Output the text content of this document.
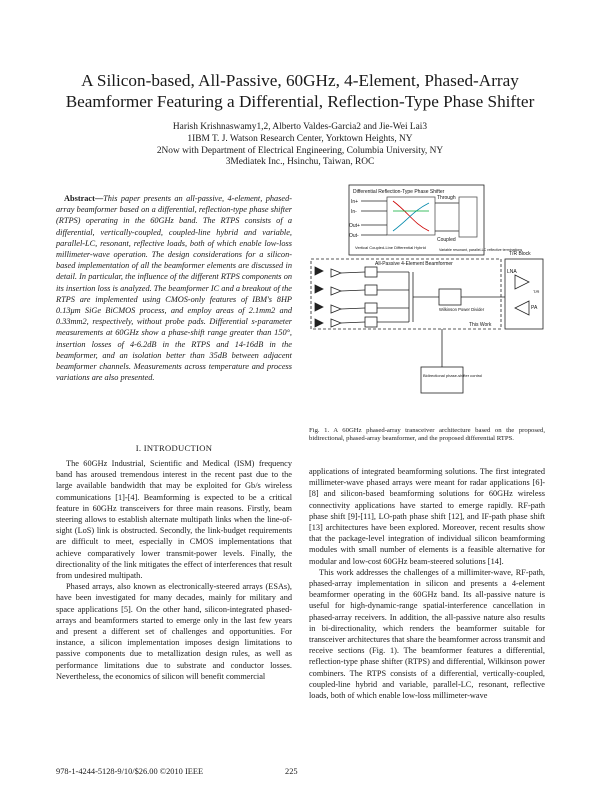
A Silicon-based, All-Passive, 60GHz, 4-Element, Phased-Array
Beamformer Featuring a Differential, Reflection-Type Phase Shifter
Harish Krishnaswamy1,2, Alberto Valdes-Garcia2 and Jie-Wei Lai3
1IBM T. J. Watson Research Center, Yorktown Heights, NY
2Now with Department of Electrical Engineering, Columbia University, NY
3Mediatek Inc., Hsinchu, Taiwan, ROC

Abstract—This paper presents an all-passive, 4-element, phased-array beamformer based on a differential, reflection-type phase shifter (RTPS) operating in the 60GHz band. The RTPS consists of a differential, vertically-coupled, coupled-line hybrid and variable, parallel-LC, resonant, reflective loads, both of which enable low-loss millimeter-wave operation. The design considerations for a silicon-based implementation of all the beamformer elements are discussed in detail. In particular, the influence of the different RTPS components on its insertion loss is analyzed. The beamformer IC and a breakout of the RTPS are implemented using CMOS-only features of IBM's 8HP 0.13μm SiGe BiCMOS process, and employ areas of 2.1mm2 and 0.33mm2, respectively, without probe pads. Differential s-parameter measurements at 60GHz show a phase-shift range greater than 150°, insertion losses of 4-6.2dB in the RTPS and 14-16dB in the beamformer, and an isolation better than 35dB between adjacent beamformer channels. Measurements across temperature and process variations are also presented.

I. INTRODUCTION

The 60GHz Industrial, Scientific and Medical (ISM) frequency band has aroused tremendous interest in the recent past due to the large available bandwidth that may be exploited for Gb/s wireless communications [1]-[4]. Beamforming is expected to be a critical feature in 60GHz transceivers for three main reasons. Firstly, beam steering allows to establish alternate multipath links when the line-of-sight (LoS) link is obstructed. Secondly, the link-budget requirements are difficult to meet, especially in CMOS implementations that achieve comparatively lower transmit-power levels. Finally, the directionality of the link mitigates the effect of interferences that result from undesired multipath.

Phased arrays, also known as electronically-steered arrays (ESAs), have been investigated for many decades, mainly for military and space applications [5]. On the other hand, silicon-integrated phased-arrays and beamformers started to emerge only in the last few years and present a different set of challenges and opportunities. For instance, a silicon implementation imposes design limitations to passive components due to metallization design rules, as well as performance limitations due to substrate and conductor losses. Nevertheless, the economics of silicon will benefit commercial

Differential Reflection-Type Phase Shifter
In+
In-
Out+
Out-
Through
Coupled
Vertical Coupled-Line Differential Hybrid	Variable resonant, parallel-LC reflective terminations
All-Passive 4-Element Beamformer
Wilkinson Power Divider
T/R Block
LNA
PA
This Work
Bidirectional phase-shifter control
T/R
Fig. 1. A 60GHz phased-array transceiver architecture based on the proposed, bidirectional, phased-array beamformer, and the proposed differential RTPS.

applications of integrated beamforming solutions. The first integrated millimeter-wave phased arrays were meant for radar applications [6]-[8] and silicon-based beamforming solutions for 60GHz wireless connectivity applications have started to emerge rapidly. RF-path phase shift [9]-[11], LO-path phase shift [12], and IF-path phase shift [13] architectures have been explored. Moreover, recent results show that the package-level integration of individual silicon beamforming modules with small number of elements is a feasible alternative for modular and low-cost 60GHz beam-steered solutions [14].

This work addresses the challenges of a millimiter-wave, RF-path, phased-array implementation in silicon and presents a 4-element beamformer operating in the 60GHz band. Its all-passive nature is useful for high-dynamic-range spatial-interference cancellation in phased-array receivers. In addition, the all-passive nature also results in bi-directionality, which renders the beamformer suitable for transceiver architectures that share the beamformer across transmit and receive sections (Fig. 1). The beamformer features a differential, reflection-type phase shifter (RTPS) and differential, Wilkinson power combiners. The RTPS consists of a differential, vertically-coupled, coupled-line hybrid and variable, parallel-LC, resonant, reflective loads, both of which enable low-loss millimeter-wave

978-1-4244-5128-9/10/$26.00 ©2010 IEEE	225
